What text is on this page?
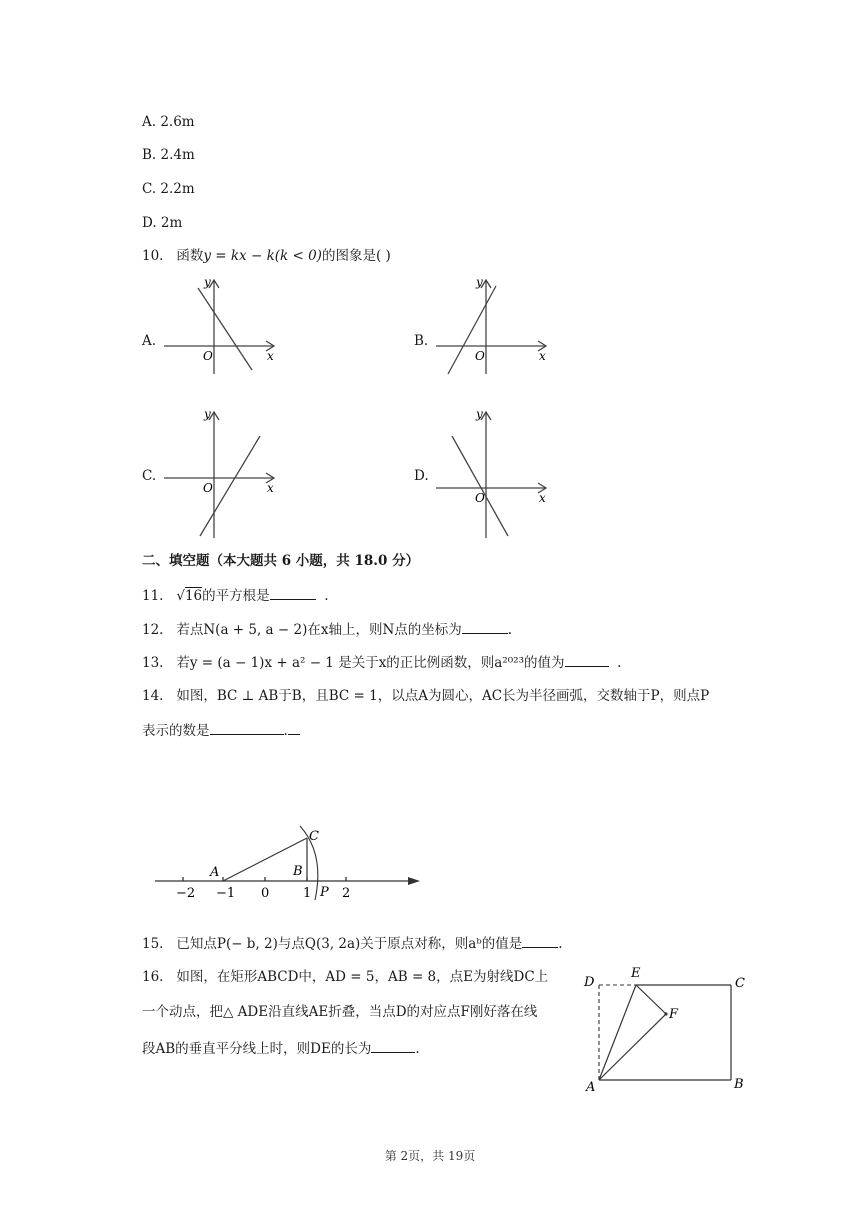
A. 2.6m
B. 2.4m
C. 2.2m
D. 2m
10. 函数y = kx − k(k < 0)的图象是( )
A.	B.
C.	D.
y
x
O
y
x
O
y
x
O
y
x
O
二、填空题（本大题共 6 小题，共 18.0 分）
11. √16的平方根是	.
12. 若点N(a + 5, a − 2)在x轴上，则N点的坐标为	.
13. 若y = (a − 1)x + a² − 1 是关于x的正比例函数，则a²⁰²³的值为	.
14. 如图，BC ⊥ AB于B，且BC = 1，以点A为圆心，AC长为半径画弧，交数轴于P，则点P
表示的数是	.
A	B
C
P
−2 −1 0	1 2
15. 已知点P(− b, 2)与点Q(3, 2a)关于原点对称，则aᵇ的值是	.
16. 如图，在矩形ABCD中，AD = 5，AB = 8，点E为射线DC上
一个动点，把△ ADE沿直线AE折叠，当点D的对应点F刚好落在线
段AB的垂直平分线上时，则DE的长为	.
D
E
C
F
A	B
第 2页，共 19页
